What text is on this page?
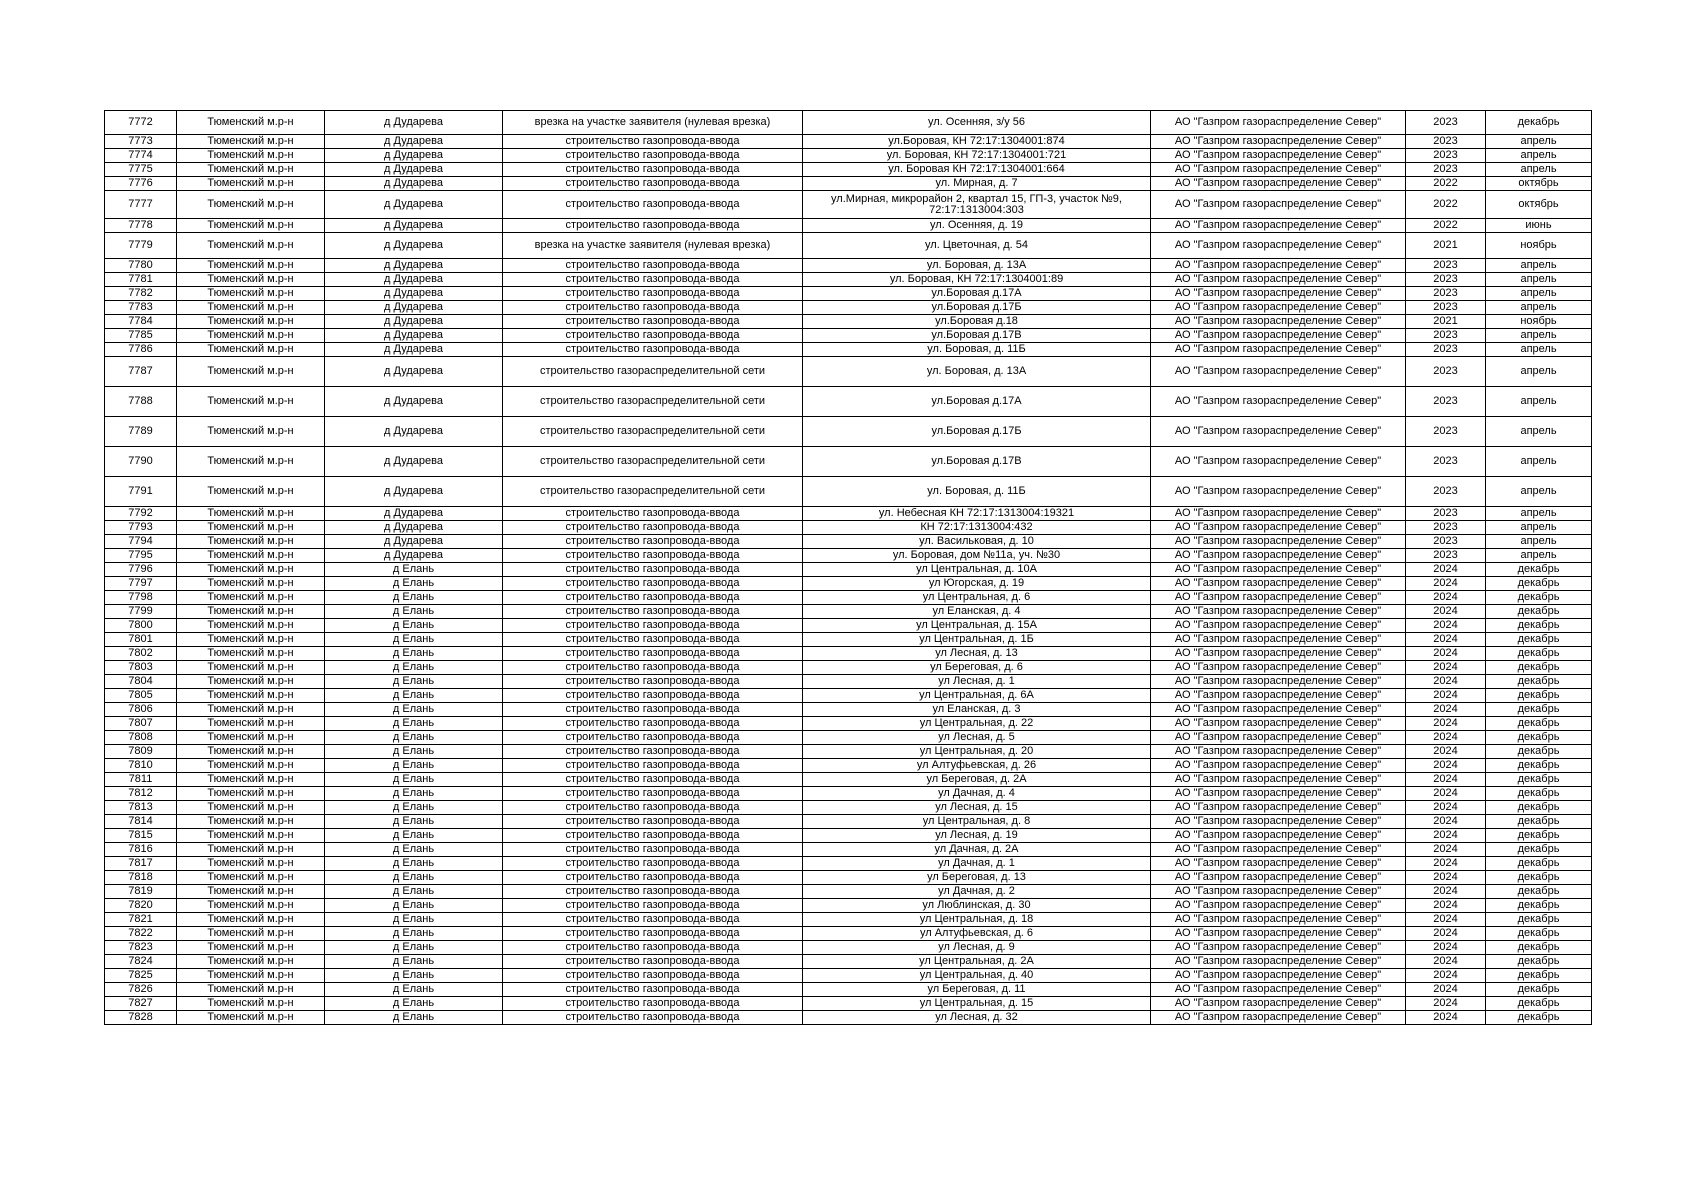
7772	Тюменский м.р-н	д Дударева	врезка на участке заявителя (нулевая врезка)	ул. Осенняя, з/у 56	АО "Газпром газораспределение Север"	2023	декабрь
7773	Тюменский м.р-н	д Дударева	строительство газопровода-ввода	ул.Боровая, КН 72:17:1304001:874	АО "Газпром газораспределение Север"	2023	апрель
7774	Тюменский м.р-н	д Дударева	строительство газопровода-ввода	ул. Боровая, КН 72:17:1304001:721	АО "Газпром газораспределение Север"	2023	апрель
7775	Тюменский м.р-н	д Дударева	строительство газопровода-ввода	ул. Боровая КН 72:17:1304001:664	АО "Газпром газораспределение Север"	2023	апрель
7776	Тюменский м.р-н	д Дударева	строительство газопровода-ввода	ул. Мирная, д. 7	АО "Газпром газораспределение Север"	2022	октябрь
7777	Тюменский м.р-н	д Дударева	строительство газопровода-ввода	ул.Мирная, микрорайон 2, квартал 15, ГП-3, участок №9, 72:17:1313004:303	АО "Газпром газораспределение Север"	2022	октябрь
7778	Тюменский м.р-н	д Дударева	строительство газопровода-ввода	ул. Осенняя, д. 19	АО "Газпром газораспределение Север"	2022	июнь
7779	Тюменский м.р-н	д Дударева	врезка на участке заявителя (нулевая врезка)	ул. Цветочная, д. 54	АО "Газпром газораспределение Север"	2021	ноябрь
7780	Тюменский м.р-н	д Дударева	строительство газопровода-ввода	ул. Боровая, д. 13А	АО "Газпром газораспределение Север"	2023	апрель
7781	Тюменский м.р-н	д Дударева	строительство газопровода-ввода	ул. Боровая, КН 72:17:1304001:89	АО "Газпром газораспределение Север"	2023	апрель
7782	Тюменский м.р-н	д Дударева	строительство газопровода-ввода	ул.Боровая д.17А	АО "Газпром газораспределение Север"	2023	апрель
7783	Тюменский м.р-н	д Дударева	строительство газопровода-ввода	ул.Боровая д.17Б	АО "Газпром газораспределение Север"	2023	апрель
7784	Тюменский м.р-н	д Дударева	строительство газопровода-ввода	ул.Боровая д.18	АО "Газпром газораспределение Север"	2021	ноябрь
7785	Тюменский м.р-н	д Дударева	строительство газопровода-ввода	ул.Боровая д.17В	АО "Газпром газораспределение Север"	2023	апрель
7786	Тюменский м.р-н	д Дударева	строительство газопровода-ввода	ул. Боровая, д. 11Б	АО "Газпром газораспределение Север"	2023	апрель
7787	Тюменский м.р-н	д Дударева	строительство газораспределительной сети	ул. Боровая, д. 13А	АО "Газпром газораспределение Север"	2023	апрель
7788	Тюменский м.р-н	д Дударева	строительство газораспределительной сети	ул.Боровая д.17А	АО "Газпром газораспределение Север"	2023	апрель
7789	Тюменский м.р-н	д Дударева	строительство газораспределительной сети	ул.Боровая д.17Б	АО "Газпром газораспределение Север"	2023	апрель
7790	Тюменский м.р-н	д Дударева	строительство газораспределительной сети	ул.Боровая д.17В	АО "Газпром газораспределение Север"	2023	апрель
7791	Тюменский м.р-н	д Дударева	строительство газораспределительной сети	ул. Боровая, д. 11Б	АО "Газпром газораспределение Север"	2023	апрель
7792	Тюменский м.р-н	д Дударева	строительство газопровода-ввода	ул. Небесная КН 72:17:1313004:19321	АО "Газпром газораспределение Север"	2023	апрель
7793	Тюменский м.р-н	д Дударева	строительство газопровода-ввода	КН 72:17:1313004:432	АО "Газпром газораспределение Север"	2023	апрель
7794	Тюменский м.р-н	д Дударева	строительство газопровода-ввода	ул. Васильковая, д. 10	АО "Газпром газораспределение Север"	2023	апрель
7795	Тюменский м.р-н	д Дударева	строительство газопровода-ввода	ул. Боровая, дом №11а, уч. №30	АО "Газпром газораспределение Север"	2023	апрель
7796	Тюменский м.р-н	д Елань	строительство газопровода-ввода	ул Центральная, д. 10А	АО "Газпром газораспределение Север"	2024	декабрь
7797	Тюменский м.р-н	д Елань	строительство газопровода-ввода	ул Югорская, д. 19	АО "Газпром газораспределение Север"	2024	декабрь
7798	Тюменский м.р-н	д Елань	строительство газопровода-ввода	ул Центральная, д. 6	АО "Газпром газораспределение Север"	2024	декабрь
7799	Тюменский м.р-н	д Елань	строительство газопровода-ввода	ул Еланская, д. 4	АО "Газпром газораспределение Север"	2024	декабрь
7800	Тюменский м.р-н	д Елань	строительство газопровода-ввода	ул Центральная, д. 15А	АО "Газпром газораспределение Север"	2024	декабрь
7801	Тюменский м.р-н	д Елань	строительство газопровода-ввода	ул Центральная, д. 1Б	АО "Газпром газораспределение Север"	2024	декабрь
7802	Тюменский м.р-н	д Елань	строительство газопровода-ввода	ул Лесная, д. 13	АО "Газпром газораспределение Север"	2024	декабрь
7803	Тюменский м.р-н	д Елань	строительство газопровода-ввода	ул Береговая, д. 6	АО "Газпром газораспределение Север"	2024	декабрь
7804	Тюменский м.р-н	д Елань	строительство газопровода-ввода	ул Лесная, д. 1	АО "Газпром газораспределение Север"	2024	декабрь
7805	Тюменский м.р-н	д Елань	строительство газопровода-ввода	ул Центральная, д. 6А	АО "Газпром газораспределение Север"	2024	декабрь
7806	Тюменский м.р-н	д Елань	строительство газопровода-ввода	ул Еланская, д. 3	АО "Газпром газораспределение Север"	2024	декабрь
7807	Тюменский м.р-н	д Елань	строительство газопровода-ввода	ул Центральная, д. 22	АО "Газпром газораспределение Север"	2024	декабрь
7808	Тюменский м.р-н	д Елань	строительство газопровода-ввода	ул Лесная, д. 5	АО "Газпром газораспределение Север"	2024	декабрь
7809	Тюменский м.р-н	д Елань	строительство газопровода-ввода	ул Центральная, д. 20	АО "Газпром газораспределение Север"	2024	декабрь
7810	Тюменский м.р-н	д Елань	строительство газопровода-ввода	ул Алтуфьевская, д. 26	АО "Газпром газораспределение Север"	2024	декабрь
7811	Тюменский м.р-н	д Елань	строительство газопровода-ввода	ул Береговая, д. 2А	АО "Газпром газораспределение Север"	2024	декабрь
7812	Тюменский м.р-н	д Елань	строительство газопровода-ввода	ул Дачная, д. 4	АО "Газпром газораспределение Север"	2024	декабрь
7813	Тюменский м.р-н	д Елань	строительство газопровода-ввода	ул Лесная, д. 15	АО "Газпром газораспределение Север"	2024	декабрь
7814	Тюменский м.р-н	д Елань	строительство газопровода-ввода	ул Центральная, д. 8	АО "Газпром газораспределение Север"	2024	декабрь
7815	Тюменский м.р-н	д Елань	строительство газопровода-ввода	ул Лесная, д. 19	АО "Газпром газораспределение Север"	2024	декабрь
7816	Тюменский м.р-н	д Елань	строительство газопровода-ввода	ул Дачная, д. 2А	АО "Газпром газораспределение Север"	2024	декабрь
7817	Тюменский м.р-н	д Елань	строительство газопровода-ввода	ул Дачная, д. 1	АО "Газпром газораспределение Север"	2024	декабрь
7818	Тюменский м.р-н	д Елань	строительство газопровода-ввода	ул Береговая, д. 13	АО "Газпром газораспределение Север"	2024	декабрь
7819	Тюменский м.р-н	д Елань	строительство газопровода-ввода	ул Дачная, д. 2	АО "Газпром газораспределение Север"	2024	декабрь
7820	Тюменский м.р-н	д Елань	строительство газопровода-ввода	ул Люблинская, д. 30	АО "Газпром газораспределение Север"	2024	декабрь
7821	Тюменский м.р-н	д Елань	строительство газопровода-ввода	ул Центральная, д. 18	АО "Газпром газораспределение Север"	2024	декабрь
7822	Тюменский м.р-н	д Елань	строительство газопровода-ввода	ул Алтуфьевская, д. 6	АО "Газпром газораспределение Север"	2024	декабрь
7823	Тюменский м.р-н	д Елань	строительство газопровода-ввода	ул Лесная, д. 9	АО "Газпром газораспределение Север"	2024	декабрь
7824	Тюменский м.р-н	д Елань	строительство газопровода-ввода	ул Центральная, д. 2А	АО "Газпром газораспределение Север"	2024	декабрь
7825	Тюменский м.р-н	д Елань	строительство газопровода-ввода	ул Центральная, д. 40	АО "Газпром газораспределение Север"	2024	декабрь
7826	Тюменский м.р-н	д Елань	строительство газопровода-ввода	ул Береговая, д. 11	АО "Газпром газораспределение Север"	2024	декабрь
7827	Тюменский м.р-н	д Елань	строительство газопровода-ввода	ул Центральная, д. 15	АО "Газпром газораспределение Север"	2024	декабрь
7828	Тюменский м.р-н	д Елань	строительство газопровода-ввода	ул Лесная, д. 32	АО "Газпром газораспределение Север"	2024	декабрь
